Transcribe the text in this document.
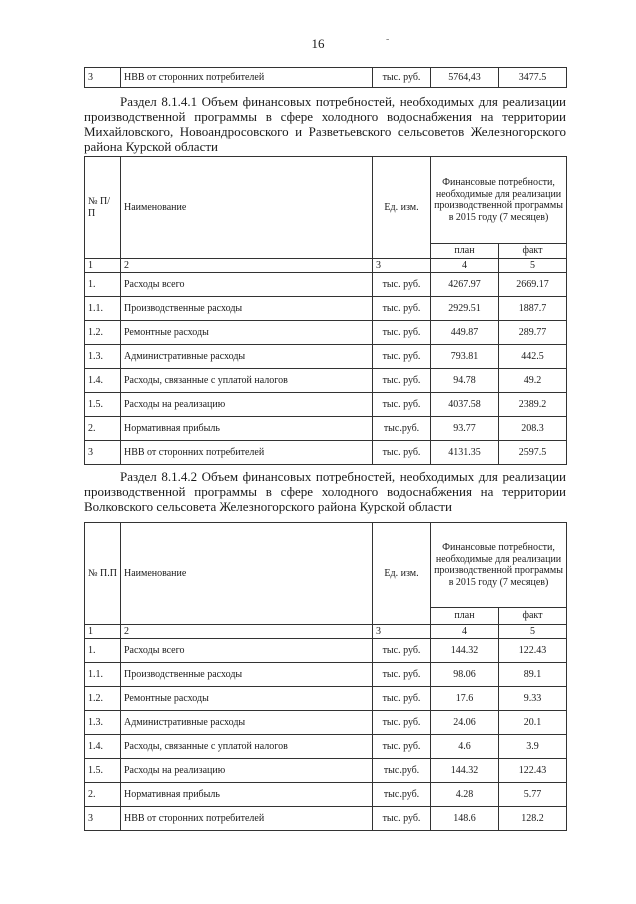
16	-
3	НВВ от сторонних потребителей	тыс. руб.	5764,43	3477.5
Раздел 8.1.4.1 Объем финансовых потребностей, необходимых для реализации производственной программы в сфере холодного водоснабжения на территории Михайловского, Новоандросовского и Разветьевского сельсоветов Железногорского района Курской области
№ П/П	Наименование	Ед. изм.	Финансовые потребности, необходимые для реализации производственной программы в 2015 году (7 месяцев)	
			план	факт
1	2	3	4	5
1.	Расходы всего	тыс. руб.	4267.97	2669.17
1.1.	Производственные расходы	тыс. руб.	2929.51	1887.7
1.2.	Ремонтные расходы	тыс. руб.	449.87	289.77
1.3.	Административные расходы	тыс. руб.	793.81	442.5
1.4.	Расходы, связанные с уплатой налогов	тыс. руб.	94.78	49.2
1.5.	Расходы на реализацию	тыс. руб.	4037.58	2389.2
2.	Нормативная прибыль	тыс.руб.	93.77	208.3
3	НВВ от сторонних потребителей	тыс. руб.	4131.35	2597.5
Раздел 8.1.4.2 Объем финансовых потребностей, необходимых для реализации производственной программы в сфере холодного водоснабжения на территории Волковского сельсовета Железногорского района Курской области
№ П.П	Наименование	Ед. изм.	Финансовые потребности, необходимые для реализации производственной программы в 2015 году (7 месяцев)	
			план	факт
1	2	3	4	5
1.	Расходы всего	тыс. руб.	144.32	122.43
1.1.	Производственные расходы	тыс. руб.	98.06	89.1
1.2.	Ремонтные расходы	тыс. руб.	17.6	9.33
1.3.	Административные расходы	тыс. руб.	24.06	20.1
1.4.	Расходы, связанные с уплатой налогов	тыс. руб.	4.6	3.9
1.5.	Расходы на реализацию	тыс.руб.	144.32	122.43
2.	Нормативная прибыль	тыс.руб.	4.28	5.77
3	НВВ от сторонних потребителей	тыс. руб.	148.6	128.2
